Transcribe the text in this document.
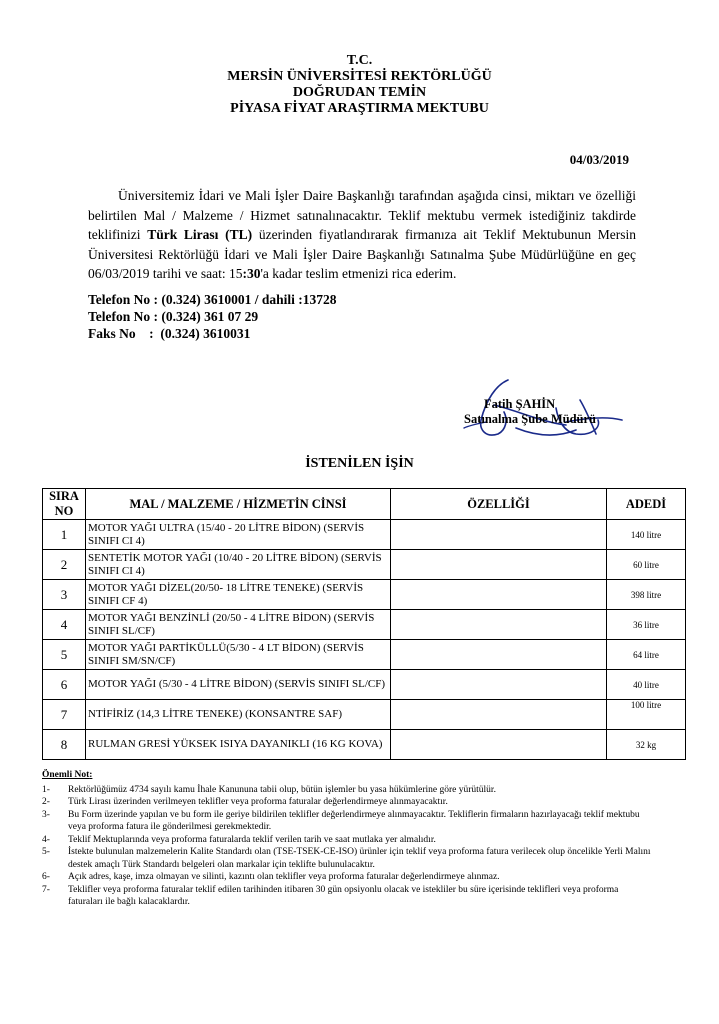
T.C.
MERSİN ÜNİVERSİTESİ REKTÖRLÜĞÜ
DOĞRUDAN TEMİN
PİYASA FİYAT ARAŞTIRMA MEKTUBU
04/03/2019

Üniversitemiz İdari ve Mali İşler Daire Başkanlığı tarafından aşağıda cinsi, miktarı ve özelliği belirtilen Mal / Malzeme / Hizmet satınalınacaktır. Teklif mektubu vermek istediğiniz takdirde teklifinizi Türk Lirası (TL) üzerinden fiyatlandırarak firmanıza ait Teklif Mektubunun Mersin Üniversitesi Rektörlüğü İdari ve Mali İşler Daire Başkanlığı Satınalma Şube Müdürlüğüne en geç 06/03/2019 tarihi ve saat: 15:30'a kadar teslim etmenizi rica ederim.

Telefon No : (0.324) 3610001 / dahili :13728
Telefon No : (0.324) 361 07 29
Faks No    :  (0.324) 3610031
Fatih ŞAHİN
Satınalma Şube Müdürü
İSTENİLEN İŞİN
SIRA NO	MAL / MALZEME / HİZMETİN CİNSİ	ÖZELLİĞİ	ADEDİ
1	MOTOR YAĞI ULTRA (15/40 - 20 LİTRE BİDON) (SERVİS SINIFI CI 4)		140 litre
2	SENTETİK MOTOR YAĞI (10/40 - 20 LİTRE BİDON) (SERVİS SINIFI CI 4)		60 litre
3	MOTOR YAĞI DİZEL(20/50- 18 LİTRE TENEKE) (SERVİS SINIFI CF 4)		398 litre
4	MOTOR YAĞI BENZİNLİ (20/50 - 4 LİTRE BİDON) (SERVİS SINIFI SL/CF)		36 litre
5	MOTOR YAĞI PARTİKÜLLÜ(5/30 - 4 LT BİDON) (SERVİS SINIFI SM/SN/CF)		64 litre
6	MOTOR YAĞI (5/30 - 4 LİTRE BİDON) (SERVİS SINIFI SL/CF)		40 litre
7	NTİFİRİZ (14,3 LİTRE TENEKE) (KONSANTRE SAF)		100 litre
8	RULMAN GRESİ YÜKSEK ISIYA DAYANIKLI (16 KG KOVA)		32 kg
Önemli Not:
1- Rektörlüğümüz 4734 sayılı kamu İhale Kanununa tabii olup, bütün işlemler bu yasa hükümlerine göre yürütülür.
2- Türk Lirası üzerinden verilmeyen teklifler veya proforma faturalar değerlendirmeye alınmayacaktır.
3- Bu Form üzerinde yapılan ve bu form ile geriye bildirilen teklifler değerlendirmeye alınmayacaktır. Tekliflerin firmaların hazırlayacağı teklif mektubu veya proforma fatura ile gönderilmesi gerekmektedir.
4- Teklif Mektuplarında veya proforma faturalarda teklif verilen tarih ve saat mutlaka yer almalıdır.
5- İstekte bulunulan malzemelerin Kalite Standardı olan (TSE-TSEK-CE-ISO) ürünler için teklif veya proforma fatura verilecek olup öncelikle Yerli Malını destek amaçlı Türk Standardı belgeleri olan markalar için teklifte bulunulacaktır.
6- Açık adres, kaşe, imza olmayan ve silinti, kazıntı olan teklifler veya proforma faturalar değerlendirmeye alınmaz.
7- Teklifler veya proforma faturalar teklif edilen tarihinden itibaren 30 gün opsiyonlu olacak ve istekliler bu süre içerisinde teklifleri veya proforma faturaları ile bağlı kalacaklardır.
